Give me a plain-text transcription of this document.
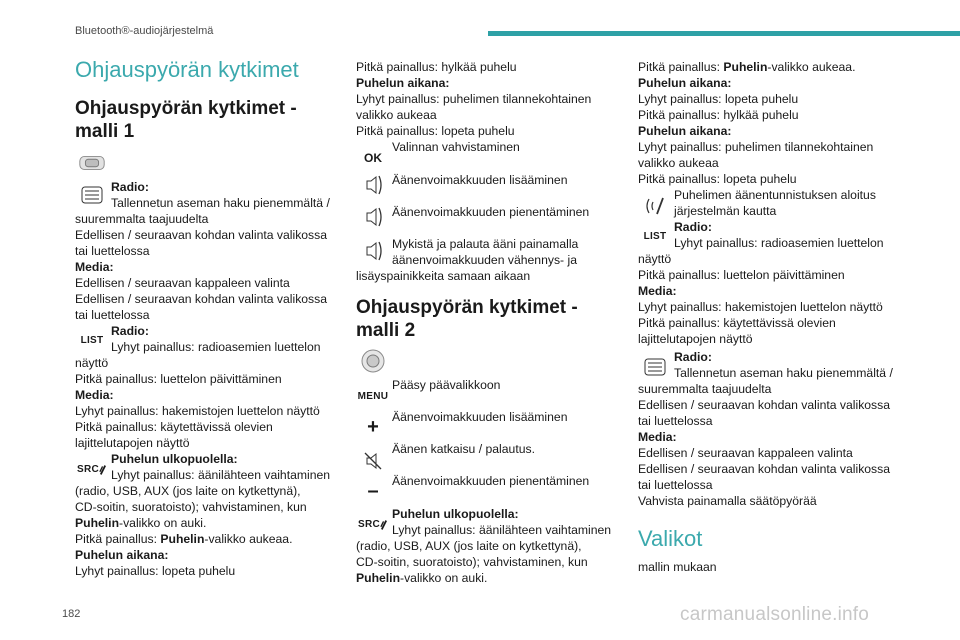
Bluetooth®-audiojärjestelmä
Ohjauspyörän kytkimet
Ohjauspyörän kytkimet -
malli 1
Radio:
Tallennetun aseman haku pienemmältä /
suuremmalta taajuudelta
Edellisen / seuraavan kohdan valinta valikossa
tai luettelossa
Media:
Edellisen / seuraavan kappaleen valinta
Edellisen / seuraavan kohdan valinta valikossa
tai luettelossa
LIST
Radio:
Lyhyt painallus: radioasemien luettelon
näyttö
Pitkä painallus: luettelon päivittäminen
Media:
Lyhyt painallus: hakemistojen luettelon näyttö
Pitkä painallus: käytettävissä olevien
lajittelutapojen näyttö
SRC
Puhelun ulkopuolella:
Lyhyt painallus: äänilähteen vaihtaminen
(radio, USB, AUX (jos laite on kytkettynä),
CD-soitin, suoratoisto); vahvistaminen, kun
Puhelin-valikko on auki.
Pitkä painallus: Puhelin-valikko aukeaa.
Puhelun aikana:
Lyhyt painallus: lopeta puhelu
Pitkä painallus: hylkää puhelu
Puhelun aikana:
Lyhyt painallus: puhelimen tilannekohtainen
valikko aukeaa
Pitkä painallus: lopeta puhelu
OK
Valinnan vahvistaminen
Äänenvoimakkuuden lisääminen
Äänenvoimakkuuden pienentäminen
Mykistä ja palauta ääni painamalla
äänenvoimakkuuden vähennys- ja
lisäyspainikkeita samaan aikaan
Ohjauspyörän kytkimet -
malli 2
MENU
Pääsy päävalikkoon
+ Äänenvoimakkuuden lisääminen
Äänen katkaisu / palautus.
– Äänenvoimakkuuden pienentäminen
SRC
Puhelun ulkopuolella:
Lyhyt painallus: äänilähteen vaihtaminen
(radio, USB, AUX (jos laite on kytkettynä),
CD-soitin, suoratoisto); vahvistaminen, kun
Puhelin-valikko on auki.
Pitkä painallus: Puhelin-valikko aukeaa.
Puhelun aikana:
Lyhyt painallus: lopeta puhelu
Pitkä painallus: hylkää puhelu
Puhelun aikana:
Lyhyt painallus: puhelimen tilannekohtainen
valikko aukeaa
Pitkä painallus: lopeta puhelu
Puhelimen äänentunnistuksen aloitus
järjestelmän kautta
LIST
Radio:
Lyhyt painallus: radioasemien luettelon
näyttö
Pitkä painallus: luettelon päivittäminen
Media:
Lyhyt painallus: hakemistojen luettelon näyttö
Pitkä painallus: käytettävissä olevien
lajittelutapojen näyttö
Radio:
Tallennetun aseman haku pienemmältä /
suuremmalta taajuudelta
Edellisen / seuraavan kohdan valinta valikossa
tai luettelossa
Media:
Edellisen / seuraavan kappaleen valinta
Edellisen / seuraavan kohdan valinta valikossa
tai luettelossa
Vahvista painamalla säätöpyörää
Valikot
mallin mukaan
182	carmanualsonline.info
